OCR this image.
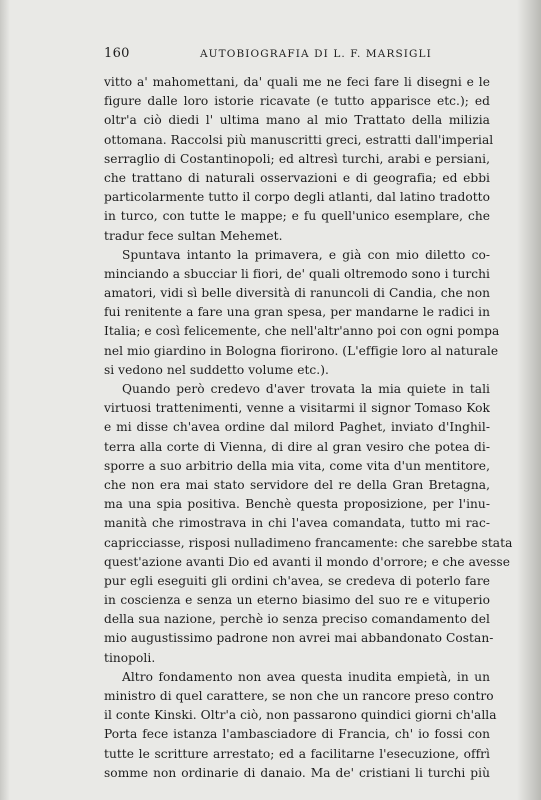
160	AUTOBIOGRAFIA DI L. F. MARSIGLI
vitto a' mahomettani, da' quali me ne feci fare li disegni e le
figure dalle loro istorie ricavate (e tutto apparisce etc.); ed
oltr'a ciò diedi l' ultima mano al mio Trattato della milizia
ottomana. Raccolsi più manuscritti greci, estratti dall'imperial
serraglio di Costantinopoli; ed altresì turchi, arabi e persiani,
che trattano di naturali osservazioni e di geografia; ed ebbi
particolarmente tutto il corpo degli atlanti, dal latino tradotto
in turco, con tutte le mappe; e fu quell'unico esemplare, che
tradur fece sultan Mehemet.
Spuntava intanto la primavera, e già con mio diletto co-
minciando a sbucciar li fiori, de' quali oltremodo sono i turchi
amatori, vidi sì belle diversità di ranuncoli di Candia, che non
fui renitente a fare una gran spesa, per mandarne le radici in
Italia; e così felicemente, che nell'altr'anno poi con ogni pompa
nel mio giardino in Bologna fiorirono. (L'effigie loro al naturale
si vedono nel suddetto volume etc.).
Quando però credevo d'aver trovata la mia quiete in tali
virtuosi trattenimenti, venne a visitarmi il signor Tomaso Kok
e mi disse ch'avea ordine dal milord Paghet, inviato d'Inghil-
terra alla corte di Vienna, di dire al gran vesiro che potea di-
sporre a suo arbitrio della mia vita, come vita d'un mentitore,
che non era mai stato servidore del re della Gran Bretagna,
ma una spia positiva. Benchè questa proposizione, per l'inu-
manità che rimostrava in chi l'avea comandata, tutto mi rac-
capricciasse, risposi nulladimeno francamente: che sarebbe stata
quest'azione avanti Dio ed avanti il mondo d'orrore; e che avesse
pur egli eseguiti gli ordini ch'avea, se credeva di poterlo fare
in coscienza e senza un eterno biasimo del suo re e vituperio
della sua nazione, perchè io senza preciso comandamento del
mio augustissimo padrone non avrei mai abbandonato Costan-
tinopoli.
Altro fondamento non avea questa inudita empietà, in un
ministro di quel carattere, se non che un rancore preso contro
il conte Kinski. Oltr'a ciò, non passarono quindici giorni ch'alla
Porta fece istanza l'ambasciadore di Francia, ch' io fossi con
tutte le scritture arrestato; ed a facilitarne l'esecuzione, offrì
somme non ordinarie di danaio. Ma de' cristiani li turchi più
